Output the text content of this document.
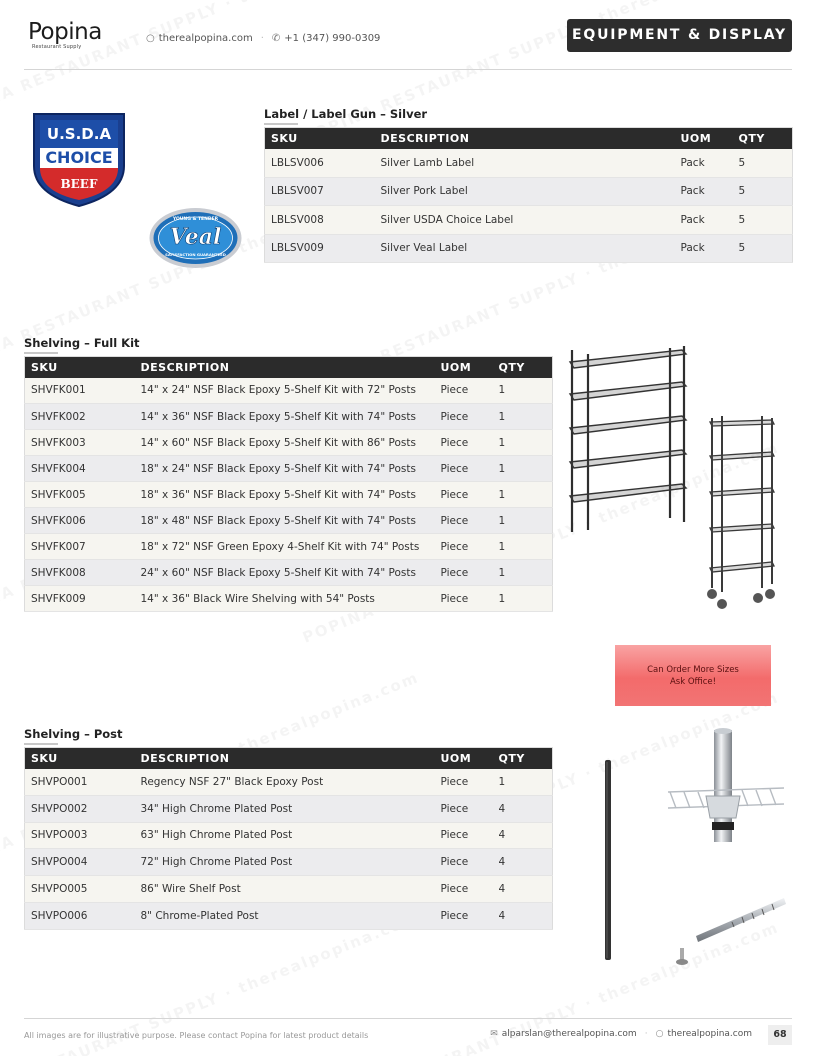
Popina
Restaurant Supply
○ therealpopina.com · ✆ +1 (347) 990-0309	EQUIPMENT & DISPLAY
U.S.D.A
CHOICE
BEEF
YOUNG & TENDER
Veal
SATISFACTION GUARANTEED
Label / Label Gun – Silver
SKU	DESCRIPTION	UOM	QTY
LBLSV006	Silver Lamb Label	Pack	5
LBLSV007	Silver Pork Label	Pack	5
LBLSV008	Silver USDA Choice Label	Pack	5
LBLSV009	Silver Veal Label	Pack	5
Shelving – Full Kit
SKU	DESCRIPTION	UOM	QTY
SHVFK001	14" x 24" NSF Black Epoxy 5-Shelf Kit with 72" Posts	Piece	1
SHVFK002	14" x 36" NSF Black Epoxy 5-Shelf Kit with 74" Posts	Piece	1
SHVFK003	14" x 60" NSF Black Epoxy 5-Shelf Kit with 86" Posts	Piece	1
SHVFK004	18" x 24" NSF Black Epoxy 5-Shelf Kit with 74" Posts	Piece	1
SHVFK005	18" x 36" NSF Black Epoxy 5-Shelf Kit with 74" Posts	Piece	1
SHVFK006	18" x 48" NSF Black Epoxy 5-Shelf Kit with 74" Posts	Piece	1
SHVFK007	18" x 72" NSF Green Epoxy 4-Shelf Kit with 74" Posts	Piece	1
SHVFK008	24" x 60" NSF Black Epoxy 5-Shelf Kit with 74" Posts	Piece	1
SHVFK009	14" x 36" Black Wire Shelving with 54" Posts	Piece	1
Can Order More Sizes
Ask Office!
Shelving – Post
SKU	DESCRIPTION	UOM	QTY
SHVPO001	Regency NSF 27" Black Epoxy Post	Piece	1
SHVPO002	34" High Chrome Plated Post	Piece	4
SHVPO003	63" High Chrome Plated Post	Piece	4
SHVPO004	72" High Chrome Plated Post	Piece	4
SHVPO005	86" Wire Shelf Post	Piece	4
SHVPO006	8" Chrome-Plated Post	Piece	4
All images are for illustrative purpose. Please contact Popina for latest product details	✉ alparslan@therealpopina.com · ○ therealpopina.com	68
